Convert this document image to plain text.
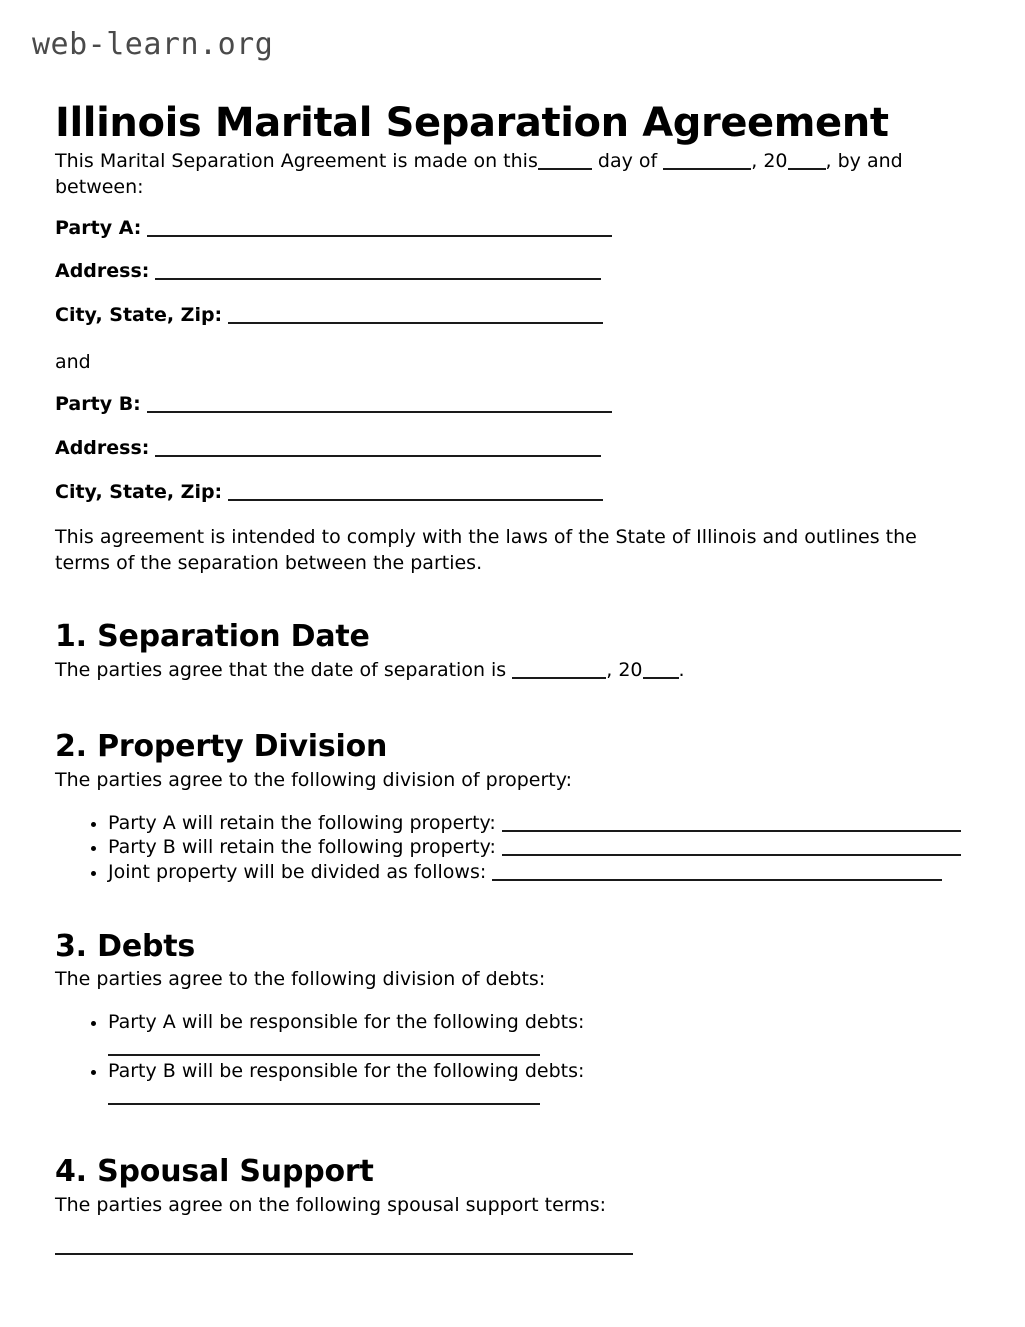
web-learn.org
Illinois Marital Separation Agreement
This Marital Separation Agreement is made on this	day of	, 20 , by and between:
Party A:
Address:
City, State, Zip:
and
Party B:
Address:
City, State, Zip:
This agreement is intended to comply with the laws of the State of Illinois and outlines the terms of the separation between the parties.
1. Separation Date
The parties agree that the date of separation is	, 20 .
2. Property Division
The parties agree to the following division of property:
Party A will retain the following property:
Party B will retain the following property:
Joint property will be divided as follows:
3. Debts
The parties agree to the following division of debts:
Party A will be responsible for the following debts:
Party B will be responsible for the following debts:
4. Spousal Support
The parties agree on the following spousal support terms:
